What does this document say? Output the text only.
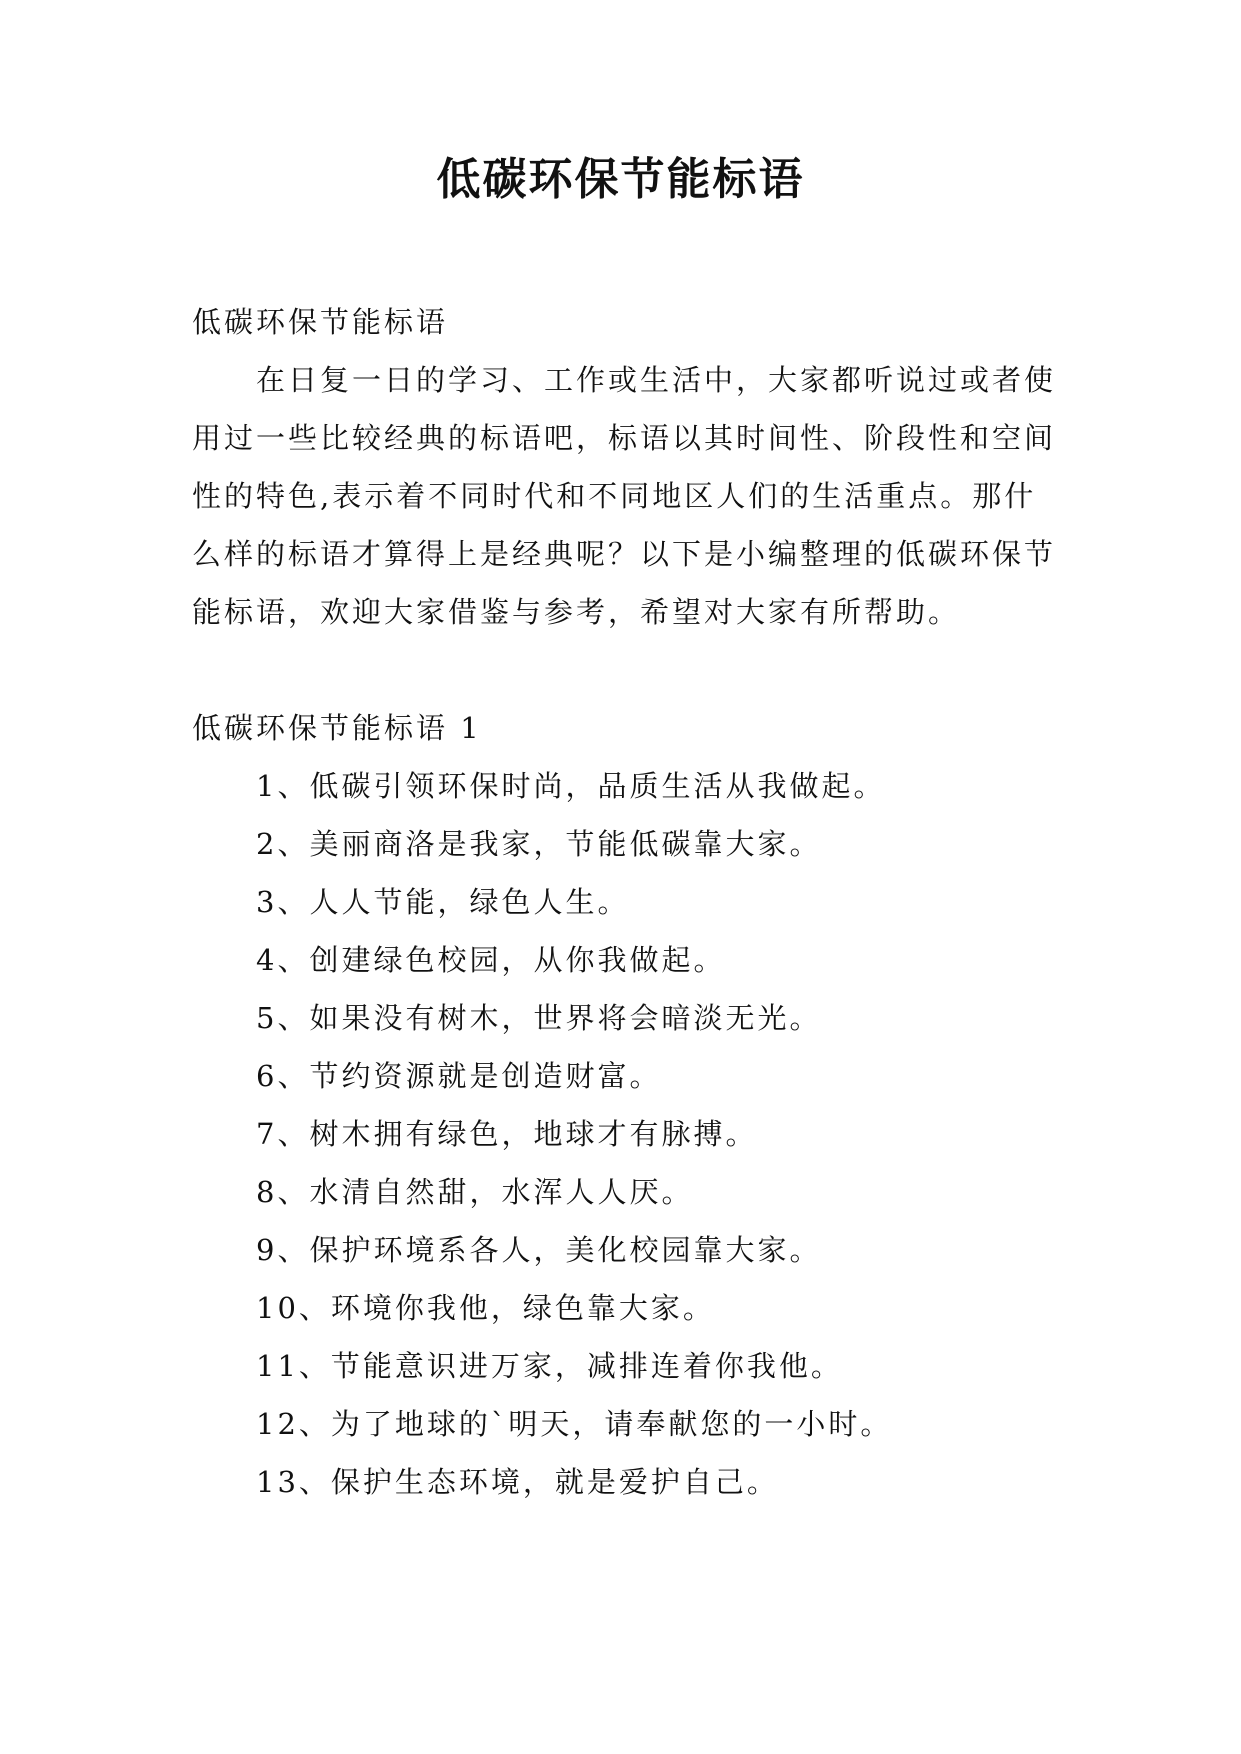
低碳环保节能标语

低碳环保节能标语

在日复一日的学习、工作或生活中，大家都听说过或者使用过一些比较经典的标语吧，标语以其时间性、阶段性和空间性的特色,表示着不同时代和不同地区人们的生活重点。那什么样的标语才算得上是经典呢？以下是小编整理的低碳环保节能标语，欢迎大家借鉴与参考，希望对大家有所帮助。

低碳环保节能标语 1

1、低碳引领环保时尚，品质生活从我做起。
2、美丽商洛是我家，节能低碳靠大家。
3、人人节能，绿色人生。
4、创建绿色校园，从你我做起。
5、如果没有树木，世界将会暗淡无光。
6、节约资源就是创造财富。
7、树木拥有绿色，地球才有脉搏。
8、水清自然甜，水浑人人厌。
9、保护环境系各人，美化校园靠大家。
10、环境你我他，绿色靠大家。
11、节能意识进万家，减排连着你我他。
12、为了地球的`明天，请奉献您的一小时。
13、保护生态环境，就是爱护自己。
